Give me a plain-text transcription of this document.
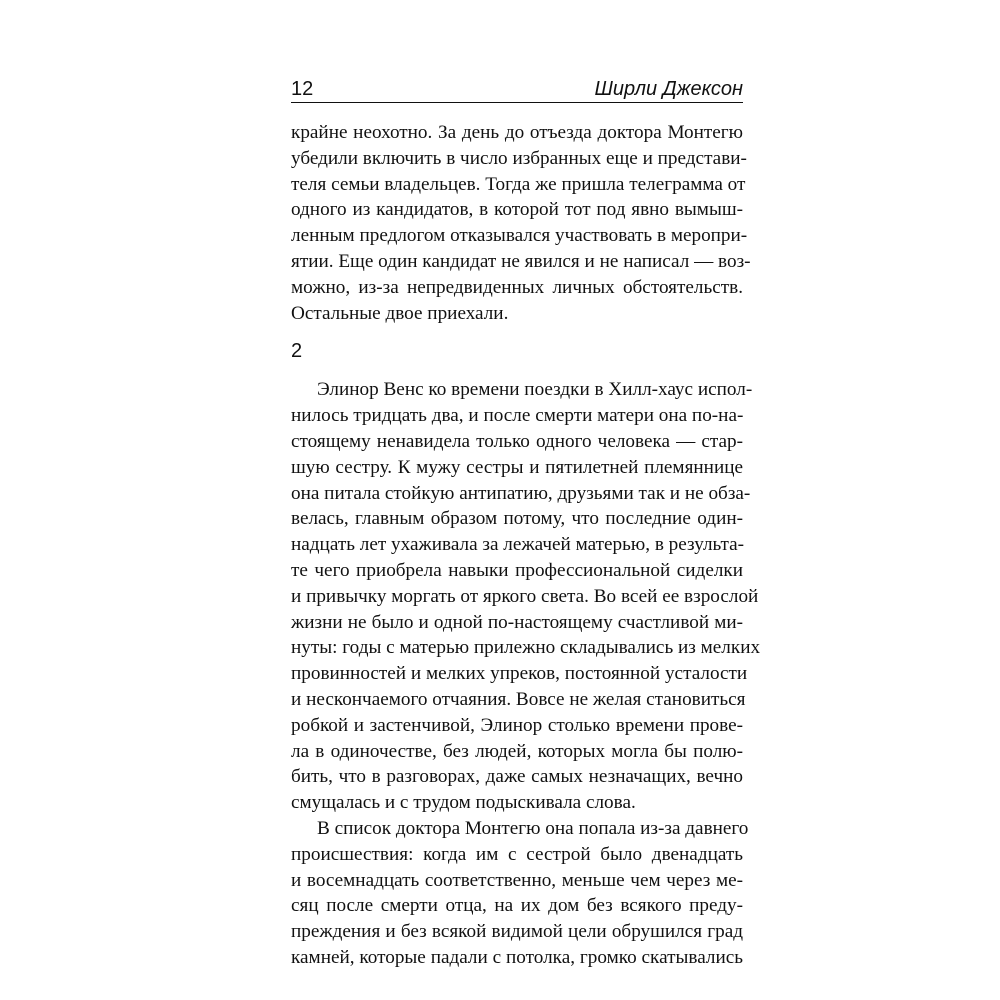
12	Ширли Джексон
крайне неохотно. За день до отъезда доктора Монтегю
убедили включить в число избранных еще и представи-
теля семьи владельцев. Тогда же пришла телеграмма от
одного из кандидатов, в которой тот под явно вымыш-
ленным предлогом отказывался участвовать в меропри-
ятии. Еще один кандидат не явился и не написал — воз-
можно, из-за непредвиденных личных обстоятельств.
Остальные двое приехали.
2
Элинор Венс ко времени поездки в Хилл-хаус испол-
нилось тридцать два, и после смерти матери она по-на-
стоящему ненавидела только одного человека — стар-
шую сестру. К мужу сестры и пятилетней племяннице
она питала стойкую антипатию, друзьями так и не обза-
велась, главным образом потому, что последние один-
надцать лет ухаживала за лежачей матерью, в результа-
те чего приобрела навыки профессиональной сиделки
и привычку моргать от яркого света. Во всей ее взрослой
жизни не было и одной по-настоящему счастливой ми-
нуты: годы с матерью прилежно складывались из мелких
провинностей и мелких упреков, постоянной усталости
и нескончаемого отчаяния. Вовсе не желая становиться
робкой и застенчивой, Элинор столько времени прове-
ла в одиночестве, без людей, которых могла бы полю-
бить, что в разговорах, даже самых незначащих, вечно
смущалась и с трудом подыскивала слова.
В список доктора Монтегю она попала из-за давнего
происшествия: когда им с сестрой было двенадцать
и восемнадцать соответственно, меньше чем через ме-
сяц после смерти отца, на их дом без всякого преду-
преждения и без всякой видимой цели обрушился град
камней, которые падали с потолка, громко скатывались
